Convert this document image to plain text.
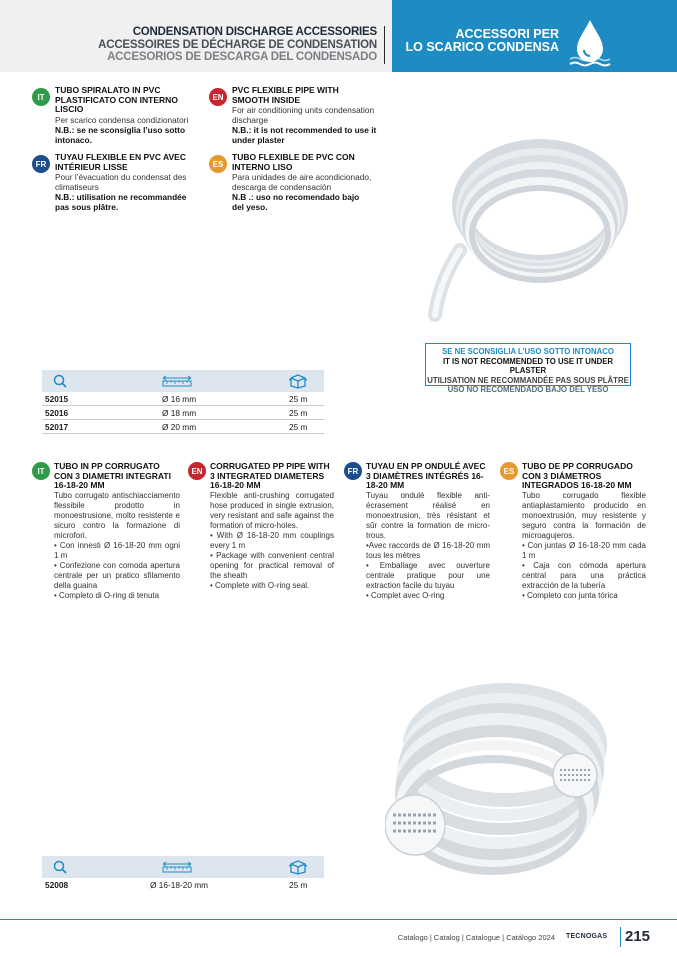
CONDENSATION DISCHARGE ACCESSORIES
ACCESSOIRES DE DÉCHARGE DE CONDENSATION
ACCESORIOS DE DESCARGA DEL CONDENSADO
ACCESSORI PER
LO SCARICO CONDENSA
IT
TUBO SPIRALATO IN PVC PLASTIFICATO CON INTERNO LISCIO
Per scarico condensa condizionatori
N.B.: se ne sconsiglia l’uso sotto intonaco.
EN
PVC FLEXIBLE PIPE WITH SMOOTH INSIDE
For air conditioning units condensation discharge
N.B.: it is not recommended to use it under plaster
FR
TUYAU FLEXIBLE EN PVC AVEC INTÉRIEUR LISSE
Pour l’évacuation du condensat des climatiseurs
N.B.: utilisation ne recommandée pas sous plâtre.
ES
TUBO FLEXIBLE DE PVC CON INTERNO LISO
Para unidades de aire acondicionado, descarga de condensación
N.B .: uso no recomendado bajo del yeso.
SE NE SCONSIGLIA L’USO SOTTO INTONACO
IT IS NOT RECOMMENDED TO USE IT UNDER PLASTER
UTILISATION NE RECOMMANDÉE PAS SOUS PLÂTRE
USO NO RECOMENDADO BAJO DEL YESO
52015	Ø 16 mm	25 m
52016	Ø 18 mm	25 m
52017	Ø 20 mm	25 m
IT	TUBO IN PP CORRUGATO CON 3 DIAMETRI INTEGRATI 16-18-20 MM
Tubo corrugato antischiacciamento flessibile prodotto in monoestrusione, molto resistente e sicuro contro la formazione di microfori.
• Con innesti Ø 16-18-20 mm ogni 1 m
• Confezione con comoda apertura centrale per un pratico sfilamento della guaina
• Completo di O-ring di tenuta
EN CORRUGATED PP PIPE WITH 3 INTEGRATED DIAMETERS 16-18-20 MM
Flexible anti-crushing corrugated hose produced in single extrusion, very resistant and safe against the formation of micro-holes.
• With Ø 16-18-20 mm couplings every 1 m
• Package with convenient central opening for practical removal of the sheath
• Complete with O-ring seal.
FR TUYAU EN PP ONDULÉ AVEC 3 DIAMÈTRES INTÉGRÉS 16-18-20 MM
Tuyau ondulé flexible anti-écrasement réalisé en monoextrusion, très résistant et sûr contre la formation de micro-trous.
•Avec raccords de Ø 16-18-20 mm tous les mètres
• Emballage avec ouverture centrale pratique pour une extraction facile du tuyau
• Complet avec O-ring
ES TUBO DE PP CORRUGADO CON 3 DIÁMETROS INTEGRADOS 16-18-20 MM
Tubo corrugado flexible antiaplastamiento producido en monoextrusión, muy resistente y seguro contra la formación de microagujeros.
• Con juntas Ø 16-18-20 mm cada 1 m
• Caja con cómoda apertura central para una práctica extracción de la tubería
• Completo con junta tórica
52008	Ø 16-18-20 mm	25 m
Catalogo | Catalog | Catalogue | Catálogo 2024 TECNOGAS 215
